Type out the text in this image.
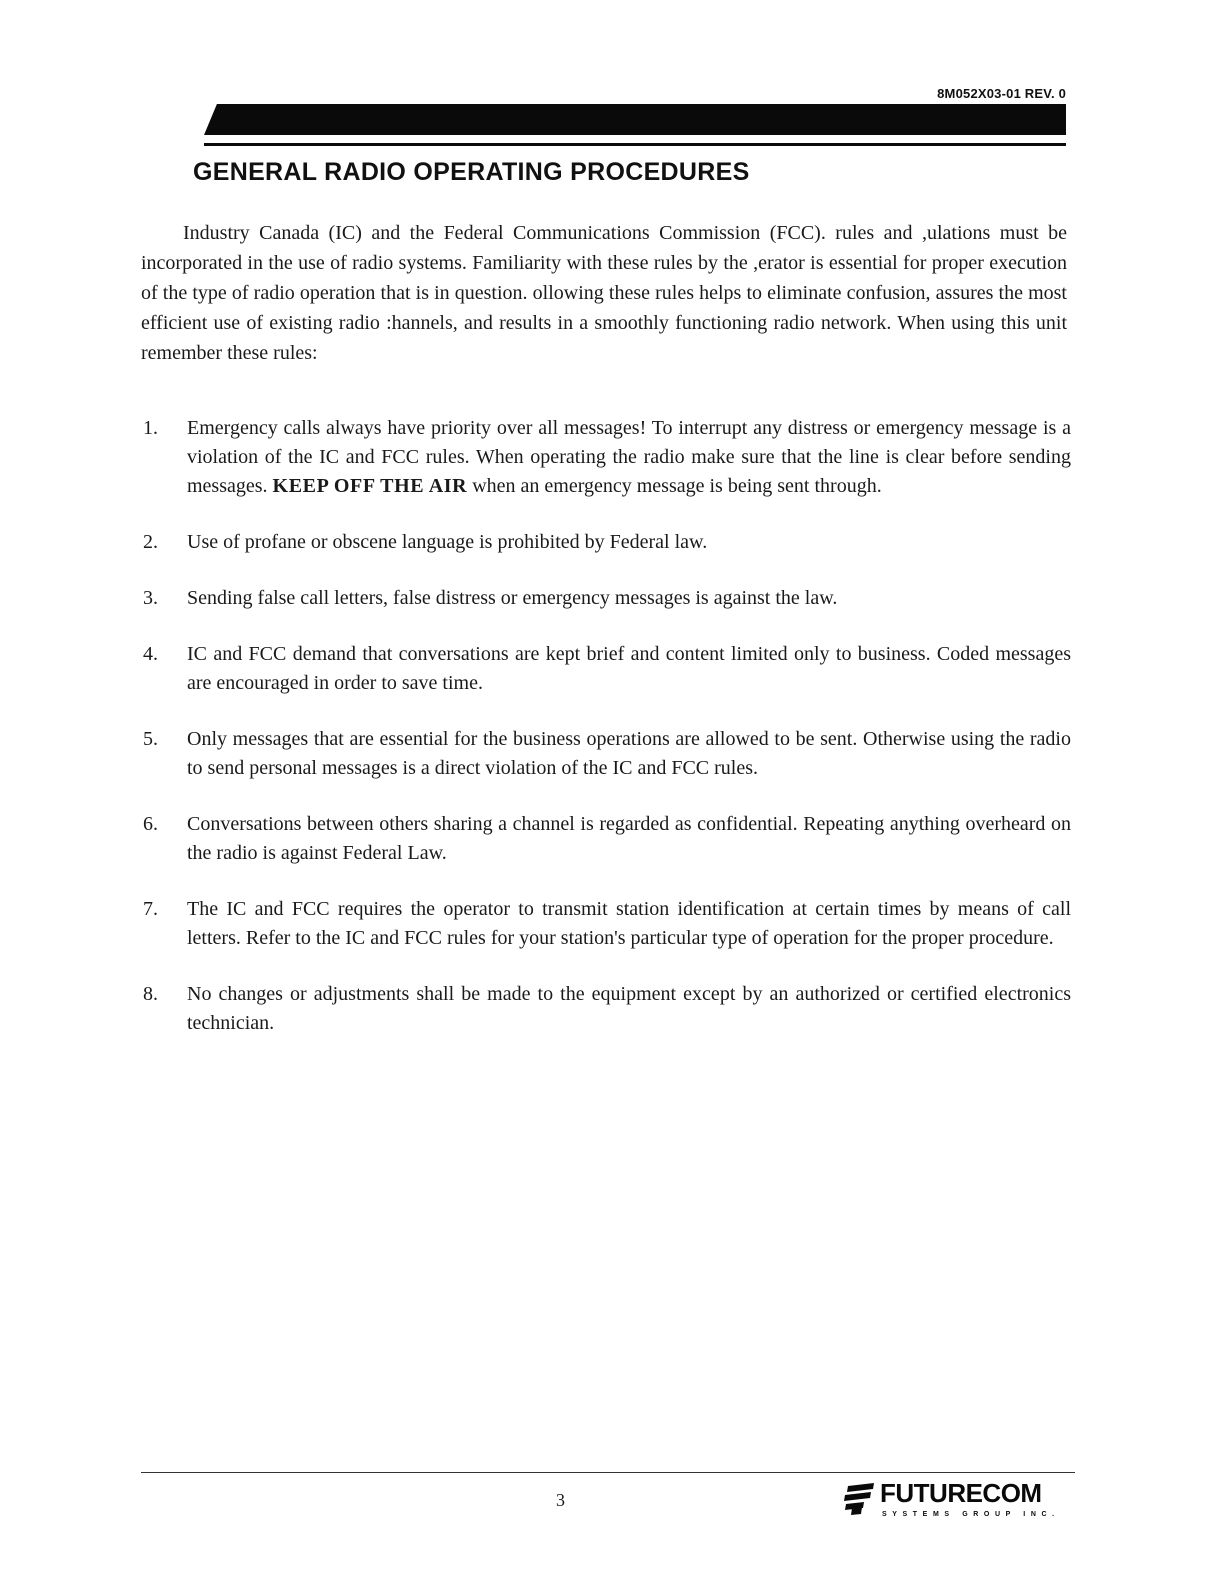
8M052X03-01 REV. 0
GENERAL RADIO OPERATING PROCEDURES

Industry Canada (IC) and the Federal Communications Commission (FCC). rules and ,ulations must be incorporated in the use of radio systems. Familiarity with these rules by the ,erator is essential for proper execution of the type of radio operation that is in question. ollowing these rules helps to eliminate confusion, assures the most efficient use of existing radio :hannels, and results in a smoothly functioning radio network. When using this unit remember these rules:

1. Emergency calls always have priority over all messages! To interrupt any distress or emergency message is a violation of the IC and FCC rules. When operating the radio make sure that the line is clear before sending messages. KEEP OFF THE AIR when an emergency message is being sent through.
2. Use of profane or obscene language is prohibited by Federal law.
3. Sending false call letters, false distress or emergency messages is against the law.
4. IC and FCC demand that conversations are kept brief and content limited only to business. Coded messages are encouraged in order to save time.
5. Only messages that are essential for the business operations are allowed to be sent. Otherwise using the radio to send personal messages is a direct violation of the IC and FCC rules.
6. Conversations between others sharing a channel is regarded as confidential. Repeating anything overheard on the radio is against Federal Law.
7. The IC and FCC requires the operator to transmit station identification at certain times by means of call letters. Refer to the IC and FCC rules for your station's particular type of operation for the proper procedure.
8. No changes or adjustments shall be made to the equipment except by an authorized or certified electronics technician.
3	FUTURECOM
SYSTEMS GROUP INC.
